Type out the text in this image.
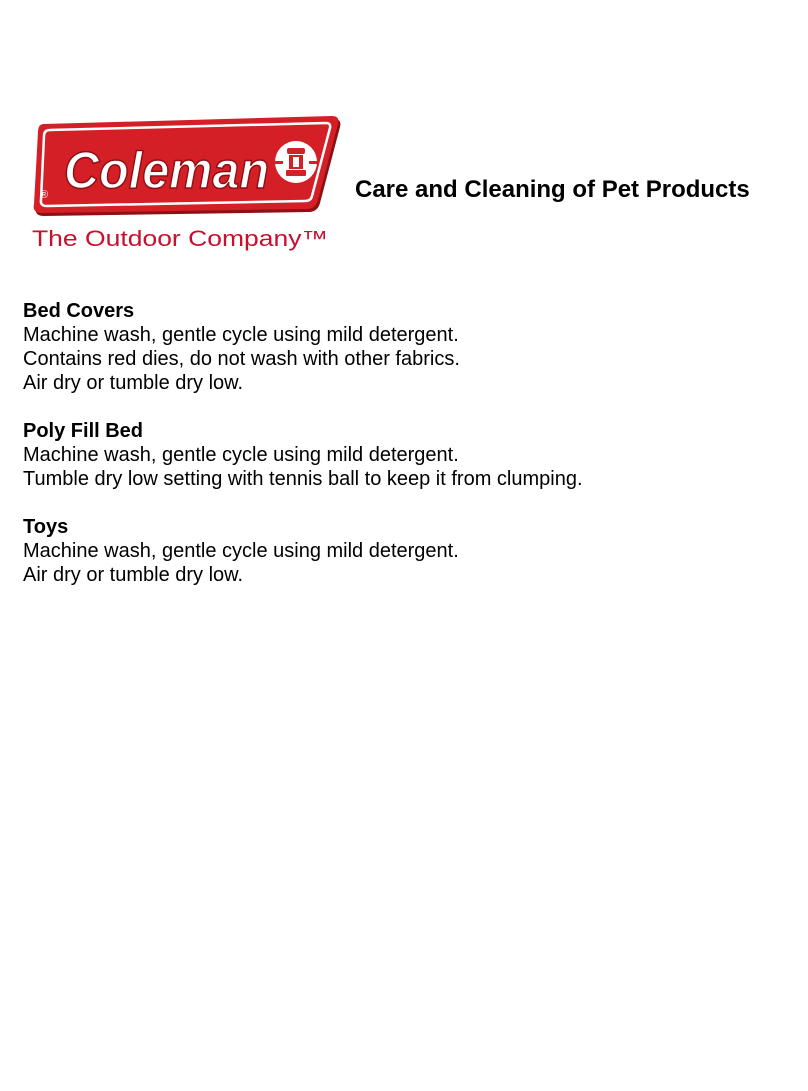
Coleman
®
The Outdoor Company™
Care and Cleaning of Pet Products
Bed Covers
Machine wash, gentle cycle using mild detergent.
Contains red dies, do not wash with other fabrics.
Air dry or tumble dry low.
Poly Fill Bed
Machine wash, gentle cycle using mild detergent.
Tumble dry low setting with tennis ball to keep it from clumping.
Toys
Machine wash, gentle cycle using mild detergent.
Air dry or tumble dry low.
